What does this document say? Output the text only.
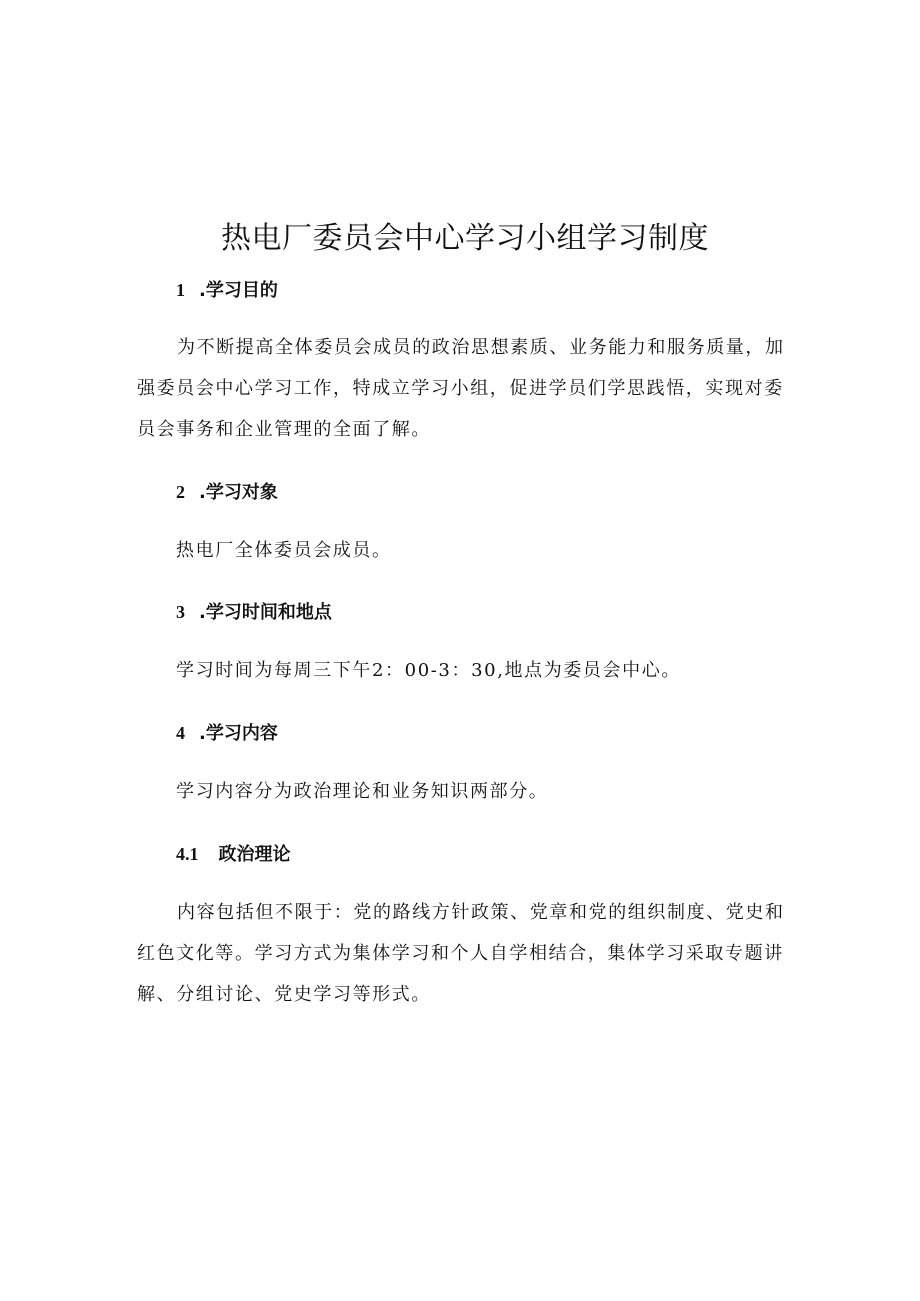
热电厂委员会中心学习小组学习制度
1 .学习目的
为不断提高全体委员会成员的政治思想素质、业务能力和服务质量，加强委员会中心学习工作，特成立学习小组，促进学员们学思践悟，实现对委员会事务和企业管理的全面了解。
2 .学习对象
热电厂全体委员会成员。
3 .学习时间和地点
学习时间为每周三下午2：00-3：30,地点为委员会中心。
4 .学习内容
学习内容分为政治理论和业务知识两部分。
4.1 政治理论
内容包括但不限于：党的路线方针政策、党章和党的组织制度、党史和红色文化等。学习方式为集体学习和个人自学相结合，集体学习采取专题讲解、分组讨论、党史学习等形式。
